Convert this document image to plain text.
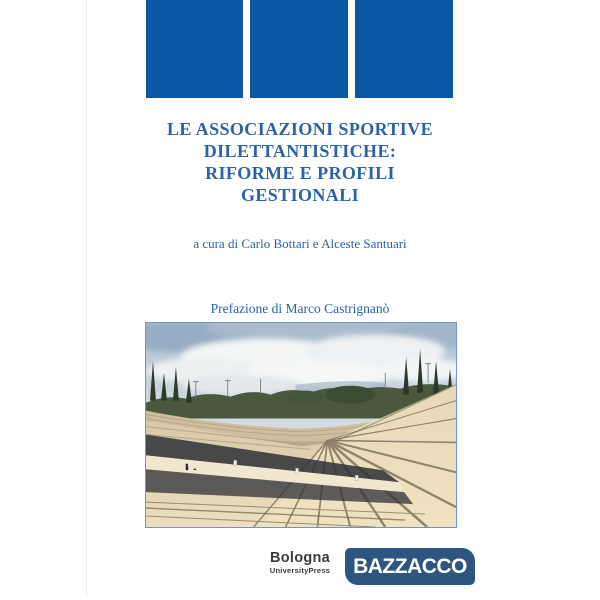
LE ASSOCIAZIONI SPORTIVE
DILETTANTISTICHE:
RIFORME E PROFILI
GESTIONALI
a cura di Carlo Bottari e Alceste Santuari
Prefazione di Marco Castrignanò
Bologna
UniversityPress BAZZACCO
